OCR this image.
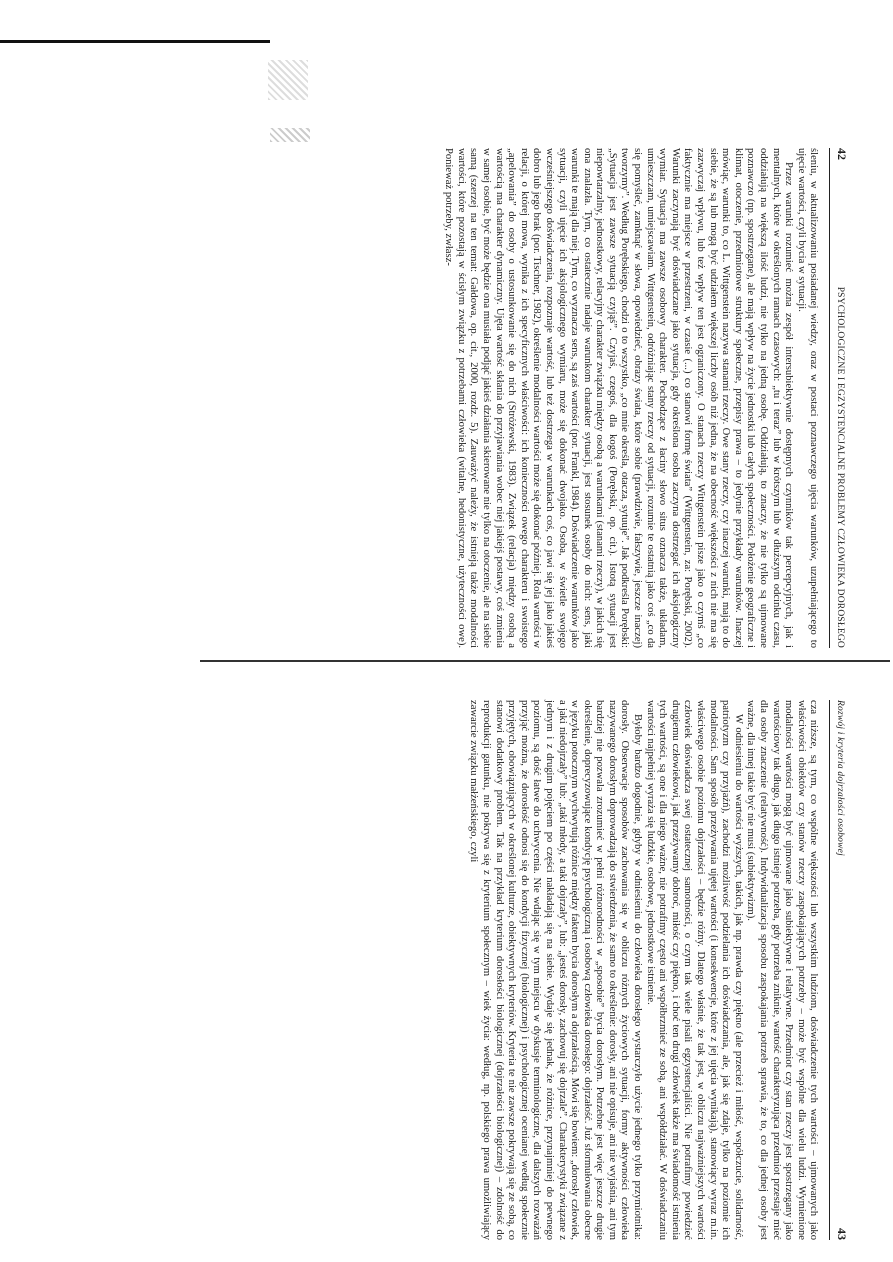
42
PSYCHOLOGICZNE I EGZYSTENCJALNE PROBLEMY CZŁOWIEKA DOROSŁEGO

śleniu, w aktualizowaniu posiadanej wiedzy, oraz w postaci poznawczego ujęcia warunków, uzupełniającego to ujęcie wartości, czyli bycia w sytuacji.

Przez warunki rozumieć można zespół intersubiektywnie dostępnych czynników tak percepcyjnych, jak i mentalnych, które w określonych ramach czasowych: „tu i teraz” lub w krótszym lub w dłuższym odcinku czasu, oddziałują na większą ilość ludzi, nie tylko na jedną osobę. Oddziałują, to znaczy, że nie tylko są ujmowane poznawczo (np. spostrzegane), ale mają wpływ na życie jednostki lub całych społeczności. Położenie geograficzne i klimat, otoczenie, przedmiotowe struktury społeczne, przepisy prawa – to jedynie przykłady warunków. Inaczej mówiąc, warunki to, co L. Wittgenstein nazywa stanami rzeczy. Owe stany rzeczy, czy inaczej warunki, mają to do siebie, że są lub mogą być udziałem większej liczby osób niż jedna, że na obecność większości z nich nie ma się zazwyczaj wpływu, lub też wpływ ten jest ograniczony. O stanach rzeczy Wittgenstein pisze jako o czymś „co faktycznie ma miejsce w przestrzeni, w czasie (...) co stanowi formę świata” (Wittgenstein, za: Porębski, 2002). Warunki zaczynają być doświadczane jako sytuacja, gdy określona osoba zaczyna dostrzegać ich aksjologiczny wymiar. Sytuacja ma zawsze osobowy charakter. Pochodzące z łaciny słowo situs oznacza także, układam, umieszczam, umiejscawiam. Wittgenstein, odróżniając stany rzeczy od sytuacji, rozumie te ostatnią jako coś „co da się pomyśleć, zamknąć w słowa, opowiedzieć, obrazy świata, które sobie (prawdziwie, fałszywie, jeszcze inaczej) tworzymy”. Według Porębskiego, chodzi o to wszystko, „co mnie określa, otacza, sytuuje”. Jak podkreśla Porębski: „Sytuacja jest zawsze sytuacją czyjąś”. Czyjaś, czegoś, dla kogoś (Porębski, op. cit.). Istotą sytuacji jest niepowtarzalny, jednostkowy, relacyjny charakter związku między osobą a warunkami (stanami rzeczy), w jakich się ona znalazła. Tym, co ostatecznie nadaje warunkom charakter sytuacji, jest stosunek osoby do nich: sens, jaki warunki te mają dla niej. Tym, co wyznacza sens, są zaś wartości (por. Frankl, 1984). Doświadczenie warunków jako sytuacji, czyli ujęcie ich aksjologicznego wymiaru, może się dokonać dwojako. Osoba, w świetle swojego wcześniejszego doświadczenia, rozpoznaje wartość, lub też dostrzega w warunkach coś, co jawi się jej jako jakieś dobro lub jego brak (por. Tischner, 1982), określenie modalności wartości może się dokonać później. Rola wartości w relacji, o której mowa, wynika z ich specyficznych właściwości: ich konieczności owego charakteru i swoistego „apelowania” do osoby o ustosunkowanie się do nich (Stróżewski, 1983). Związek (relacja) między osobą a wartością ma charakter dynamiczny. Ujęta wartość skłania do przyjawiania wobec niej jakiejś postawy, coś zmienia w samej osobie, być może będzie ona musiała podjąć jakieś działania skierowane nie tylko na otoczenie, ale na siebie samą (szerzej na ten temat: Gałdowa, op. cit., 2000, rozdz. 5). Zauważyć należy, że istnieją także modalności wartości, które pozostają w ścisłym związku z potrzebami człowieka (witalne, hedonistyczne, użyteczności owe). Ponieważ potrzeby, zwłasz-

Rozwój i kryteria dojrzałości osobowej
43

cza niższe, są tym, co wspólne większości lub wszystkim ludziom, doświadczenie tych wartości – ujmowanych jako właściwości obiektów czy stanów rzeczy zaspokajających potrzeby – może być wspólne dla wielu ludzi. Wymienione modalności wartości mogą być ujmowane jako subiektywne i relatywne. Przedmiot czy stan rzeczy jest spostrzegany jako wartościowy tak długo, jak długo istnieje potrzeba, gdy potrzeba zniknie, wartość charakteryzująca przedmiot przestaje mieć dla osoby znaczenie (relatywność). Indywidualizacja sposobu zaspokajania potrzeb sprawia, że to, co dla jednej osoby jest ważne, dla innej takie być nie musi (subiektywizm).

W odniesieniu do wartości wyższych, takich, jak np. prawda czy piękno (ale przecież i miłość, współczucie, solidarność, patriotyzm czy przyjaźń), zachodzi możliwość podzielania ich doświadczania, ale, jak się zdaje, tylko na poziomie ich modalności. Sam sposób przeżywania ujętej wartości (i konsekwencje, które z jej ujęcia wynikają), stanowiący wyraz m.in. właściwego osobie poziomu dojrzałości – będzie różny. Dlatego właśnie, że tak jest, w obliczu najważniejszych wartości człowiek doświadcza swej ostatecznej samotności, o czym tak wiele pisali egzystencjaliści. Nie potrafimy powiedzieć drugiemu człowiekowi, jak przeżywamy dobroć, miłość czy piękno, i choć ten drugi człowiek także ma świadomość istnienia tych wartości, są one i dla niego ważne, nie potrafimy często ani współbrzmieć ze sobą, ani współdziałać. W doświadczaniu wartości najpełniej wyraża się ludzkie, osobowe, jednostkowe istnienie.

Byłoby bardzo dogodnie, gdyby w odniesieniu do człowieka dorosłego wystarczyło użycie jednego tylko przymiotnika: dorosły. Obserwacje sposobów zachowania się w obliczu różnych życiowych sytuacji, formy aktywności człowieka nazywanego dorosłym doprowadzają do stwierdzenia, że samo to określenie: dorosły, ani nie opisuje, ani nie wyjaśnia, ani tym bardziej nie pozwala zrozumieć w pełni różnorodności w „sposobie” bycia dorosłym. Potrzebne jest więc jeszcze drugie określenie, doprecyzowujące kondycję psychologiczną i osobową człowieka dorosłego: dojrzałość. Już sformułowania obecne w języku potocznym wychwytują różnice między faktem bycia dorosłym a dojrzałością. Mówi się bowiem: „dorosły człowiek, a jaki niedojrzały” lub: „taki młody, a taki dojrzały”, lub: „jesteś dorosły, zachowuj się dojrzale”. Charakterystyki związane z jednym i z drugim pojęciem po części nakładają się na siebie. Wydaje się jednak, że różnice, przynajmniej do pewnego poziomu, są dość łatwe do uchwycenia. Nie wdając się w tym miejscu w dyskusje terminologiczne, dla dalszych rozważań przyjąć można, że dorosłość odnosi się do kondycji fizycznej (biologicznej) i psychologicznej ocenianej według społecznie przyjętych, obowiązujących w określonej kulturze, obiektywnych kryteriów. Kryteria te nie zawsze pokrywają się ze sobą, co stanowi dodatkowy problem. Tak na przykład kryterium dorosłości biologicznej (dojrzałości biologicznej) – zdolność do reprodukcji gatunku, nie pokrywa się z kryterium społecznym – wiek życia: według, np. polskiego prawa umożliwiający zawarcie związku małżeńskiego, czyli
